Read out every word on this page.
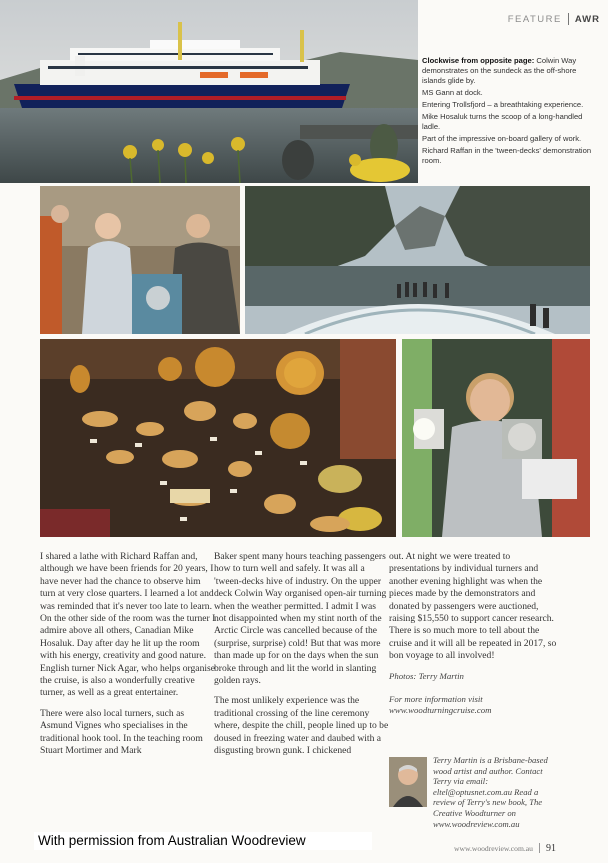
FEATURE AWR

Clockwise from opposite page: Colwin Way demonstrates on the sundeck as the off-shore islands glide by.

MS Gann at dock.

Entering Trollsfjord – a breathtaking experience.

Mike Hosaluk turns the scoop of a long-handled ladle.

Part of the impressive on-board gallery of work.

Richard Raffan in the 'tween-decks' demonstration room.

I shared a lathe with Richard Raffan and, although we have been friends for 20 years, I have never had the chance to observe him turn at very close quarters. I learned a lot and was reminded that it's never too late to learn. On the other side of the room was the turner I admire above all others, Canadian Mike Hosaluk. Day after day he lit up the room with his energy, creativity and good nature. English turner Nick Agar, who helps organise the cruise, is also a wonderfully creative turner, as well as a great entertainer.

There were also local turners, such as Asmund Vignes who specialises in the traditional hook tool. In the teaching room Stuart Mortimer and Mark

Baker spent many hours teaching passengers how to turn well and safely. It was all a 'tween-decks hive of industry. On the upper deck Colwin Way organised open-air turning when the weather permitted. I admit I was not disappointed when my stint north of the Arctic Circle was cancelled because of the (surprise, surprise) cold! But that was more than made up for on the days when the sun broke through and lit the world in slanting golden rays.

The most unlikely experience was the traditional crossing of the line ceremony where, despite the chill, people lined up to be doused in freezing water and daubed with a disgusting brown gunk. I chickened

out. At night we were treated to presentations by individual turners and another evening highlight was when the pieces made by the demonstrators and donated by passengers were auctioned, raising $15,550 to support cancer research. There is so much more to tell about the cruise and it will all be repeated in 2017, so bon voyage to all involved!

Photos: Terry Martin
For more information visit
www.woodturningcruise.com
Terry Martin is a Brisbane-based wood artist and author. Contact Terry via email: eltel@optusnet.com.au Read a review of Terry's new book, The Creative Woodturner on www.woodreview.com.au
With permission from Australian Woodreview	www.woodreview.com.au 91
